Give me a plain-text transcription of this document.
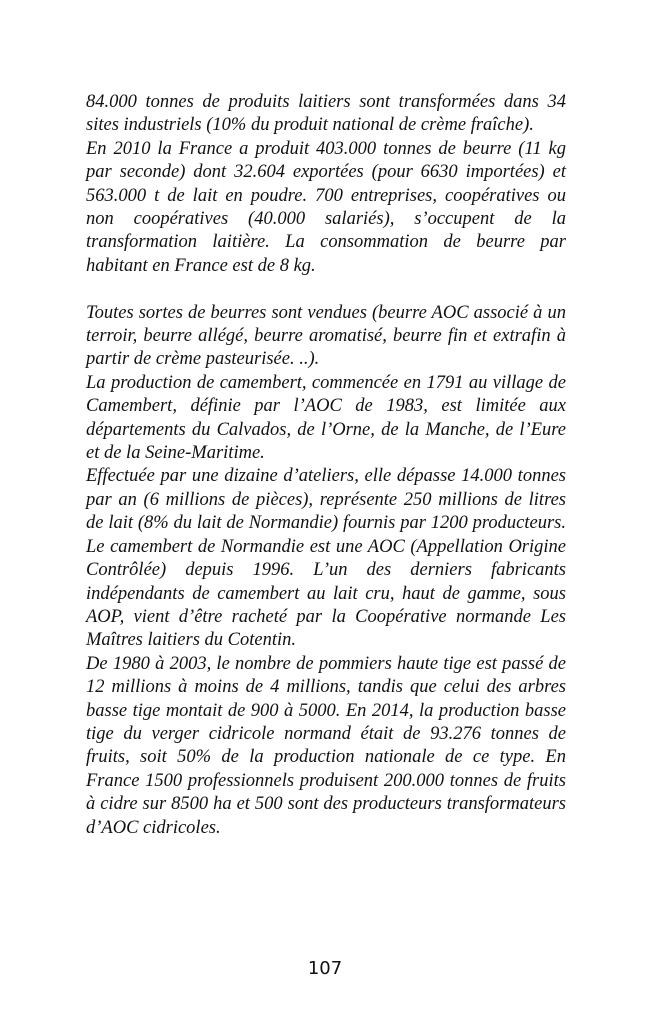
84.000 tonnes de produits laitiers sont transformées dans 34 sites industriels (10% du produit national de crème fraîche).

En 2010 la France a produit 403.000 tonnes de beurre (11 kg par seconde) dont 32.604 exportées (pour 6630 importées) et 563.000 t de lait en poudre. 700 entreprises, coopératives ou non coopératives (40.000 salariés), s’occupent de la transformation laitière. La consommation de beurre par habitant en France est de 8 kg.

Toutes sortes de beurres sont vendues (beurre AOC associé à un terroir, beurre allégé, beurre aromatisé, beurre fin et extrafin à partir de crème pasteurisée. ..).

La production de camembert, commencée en 1791 au village de Camembert, définie par l’AOC de 1983, est limitée aux départements du Calvados, de l’Orne, de la Manche, de l’Eure et de la Seine-Maritime.

Effectuée par une dizaine d’ateliers, elle dépasse 14.000 tonnes par an (6 millions de pièces), représente 250 millions de litres de lait (8% du lait de Normandie) fournis par 1200 producteurs. Le camembert de Normandie est une AOC (Appellation Origine Contrôlée) depuis 1996. L’un des derniers fabricants indépendants de camembert au lait cru, haut de gamme, sous AOP, vient d’être racheté par la Coopérative normande Les Maîtres laitiers du Cotentin.

De 1980 à 2003, le nombre de pommiers haute tige est passé de 12 millions à moins de 4 millions, tandis que celui des arbres basse tige montait de 900 à 5000. En 2014, la production basse tige du verger cidricole normand était de 93.276 tonnes de fruits, soit 50% de la production nationale de ce type. En France 1500 professionnels produisent 200.000 tonnes de fruits à cidre sur 8500 ha et 500 sont des producteurs transformateurs d’AOC cidricoles.

107
